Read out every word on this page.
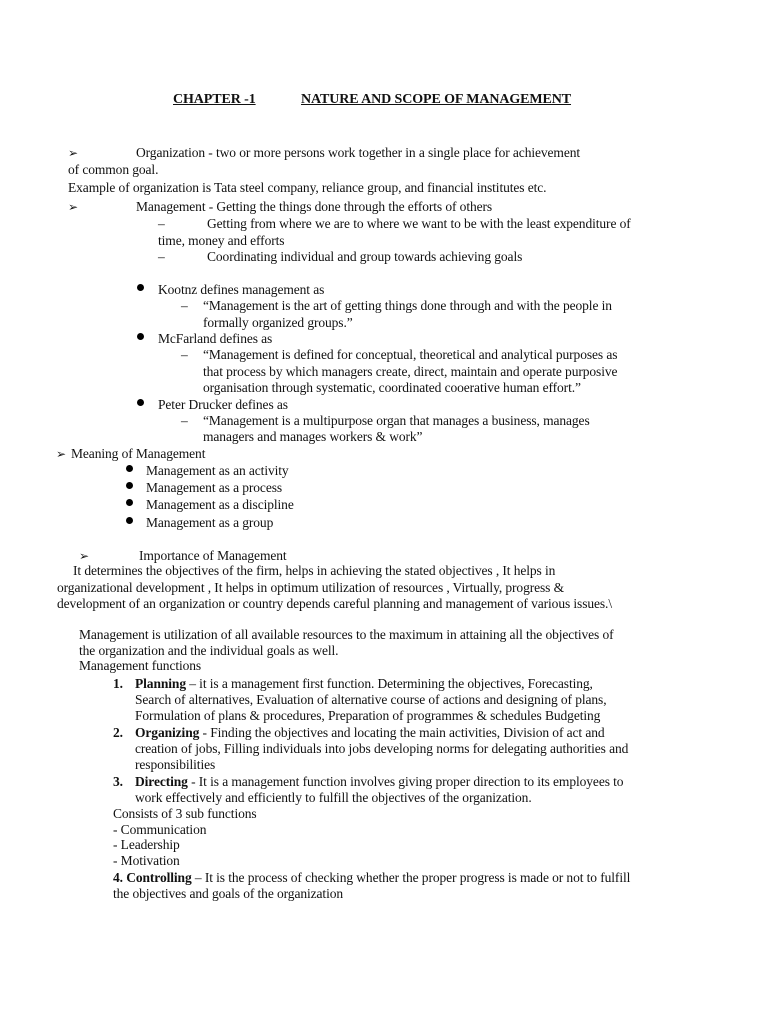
CHAPTER -1	NATURE AND SCOPE OF MANAGEMENT
➢	Organization - two or more persons work together in a single place for achievement
of common goal.
Example of organization is Tata steel company, reliance group, and financial institutes etc.
➢	Management - Getting the things done through the efforts of others
–	Getting from where we are to where we want to be with the least expenditure of
time, money and efforts
–	Coordinating individual and group towards achieving goals
Kootnz defines management as
– “Management is the art of getting things done through and with the people in
formally organized groups.”
McFarland defines as
– “Management is defined for conceptual, theoretical and analytical purposes as
that process by which managers create, direct, maintain and operate purposive
organisation through systematic, coordinated cooerative human effort.”
Peter Drucker defines as
– “Management is a multipurpose organ that manages a business, manages
managers and manages workers & work”
➢ Meaning of Management
Management as an activity
Management as a process
Management as a discipline
Management as a group
➢	Importance of Management
It determines the objectives of the firm, helps in achieving the stated objectives , It helps in
organizational development , It helps in optimum utilization of resources , Virtually, progress &
development of an organization or country depends careful planning and management of various issues.\
Management is utilization of all available resources to the maximum in attaining all the objectives of
the organization and the individual goals as well.
Management functions
1. Planning – it is a management first function. Determining the objectives, Forecasting,
Search of alternatives, Evaluation of alternative course of actions and designing of plans,
Formulation of plans & procedures, Preparation of programmes & schedules Budgeting
2. Organizing - Finding the objectives and locating the main activities, Division of act and
creation of jobs, Filling individuals into jobs developing norms for delegating authorities and
responsibilities
3. Directing - It is a management function involves giving proper direction to its employees to
work effectively and efficiently to fulfill the objectives of the organization.
Consists of 3 sub functions
- Communication
- Leadership
- Motivation
4. Controlling – It is the process of checking whether the proper progress is made or not to fulfill
the objectives and goals of the organization
